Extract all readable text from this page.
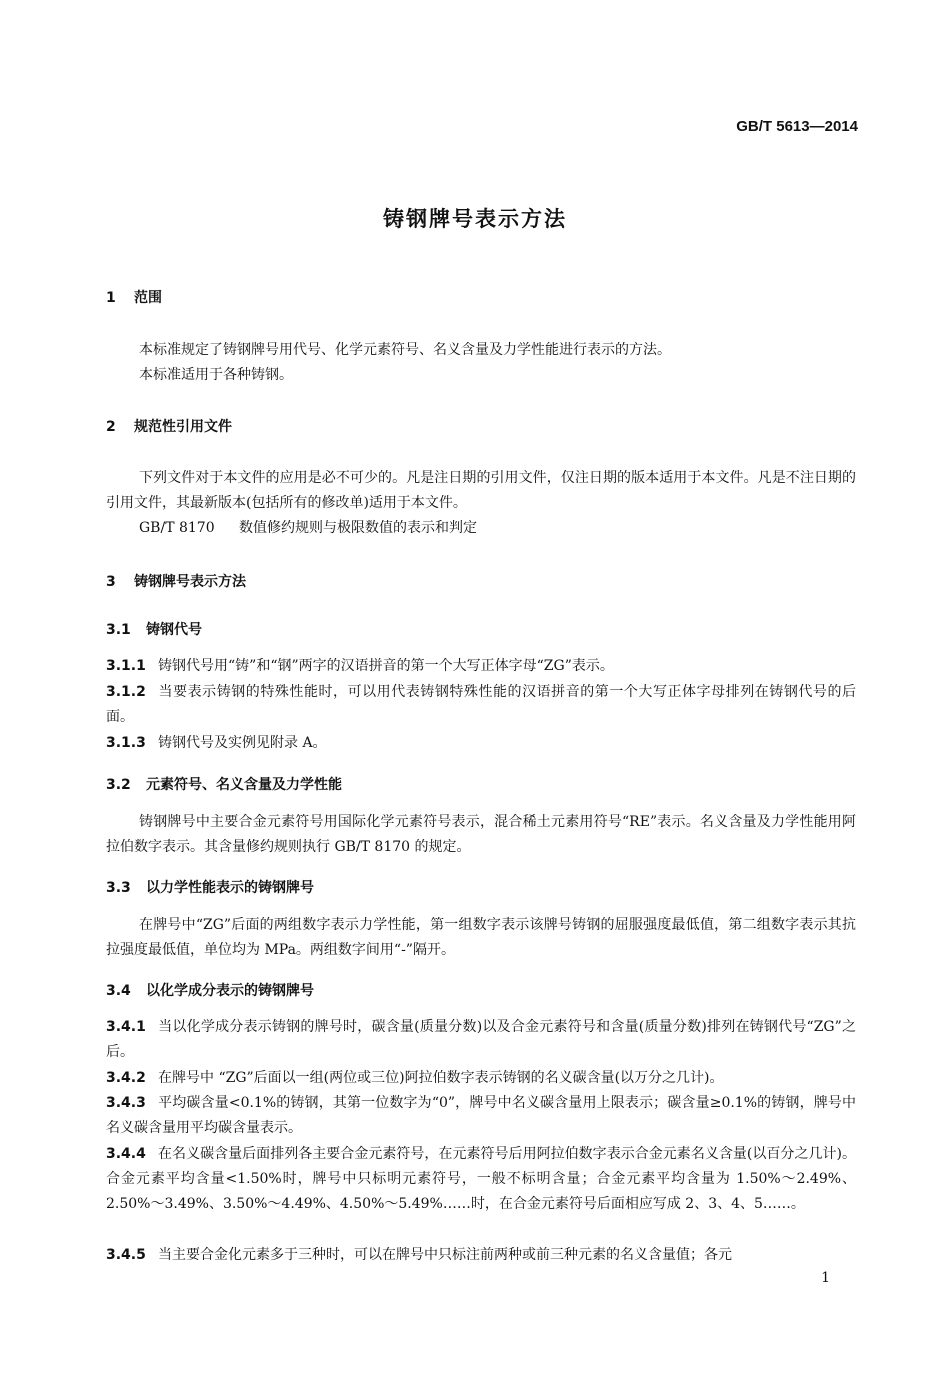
GB/T 5613—2014
铸钢牌号表示方法
1 范围
本标准规定了铸钢牌号用代号、化学元素符号、名义含量及力学性能进行表示的方法。
本标准适用于各种铸钢。
2 规范性引用文件
下列文件对于本文件的应用是必不可少的。凡是注日期的引用文件，仅注日期的版本适用于本文件。凡是不注日期的引用文件，其最新版本(包括所有的修改单)适用于本文件。
GB/T 8170 数值修约规则与极限数值的表示和判定
3 铸钢牌号表示方法
3.1 铸钢代号
3.1.1 铸钢代号用“铸”和“钢”两字的汉语拼音的第一个大写正体字母“ZG”表示。
3.1.2 当要表示铸钢的特殊性能时，可以用代表铸钢特殊性能的汉语拼音的第一个大写正体字母排列在铸钢代号的后面。
3.1.3 铸钢代号及实例见附录 A。
3.2 元素符号、名义含量及力学性能
铸钢牌号中主要合金元素符号用国际化学元素符号表示，混合稀土元素用符号“RE”表示。名义含量及力学性能用阿拉伯数字表示。其含量修约规则执行 GB/T 8170 的规定。
3.3 以力学性能表示的铸钢牌号
在牌号中“ZG”后面的两组数字表示力学性能，第一组数字表示该牌号铸钢的屈服强度最低值，第二组数字表示其抗拉强度最低值，单位均为 MPa。两组数字间用“-”隔开。
3.4 以化学成分表示的铸钢牌号
3.4.1 当以化学成分表示铸钢的牌号时，碳含量(质量分数)以及合金元素符号和含量(质量分数)排列在铸钢代号“ZG”之后。
3.4.2 在牌号中 “ZG”后面以一组(两位或三位)阿拉伯数字表示铸钢的名义碳含量(以万分之几计)。
3.4.3 平均碳含量<0.1%的铸钢，其第一位数字为“0”，牌号中名义碳含量用上限表示；碳含量≥0.1%的铸钢，牌号中名义碳含量用平均碳含量表示。
3.4.4 在名义碳含量后面排列各主要合金元素符号，在元素符号后用阿拉伯数字表示合金元素名义含量(以百分之几计)。合金元素平均含量<1.50%时，牌号中只标明元素符号，一般不标明含量；合金元素平均含量为 1.50%～2.49%、2.50%～3.49%、3.50%～4.49%、4.50%～5.49%……时，在合金元素符号后面相应写成 2、3、4、5……。
3.4.5 当主要合金化元素多于三种时，可以在牌号中只标注前两种或前三种元素的名义含量值；各元
1
